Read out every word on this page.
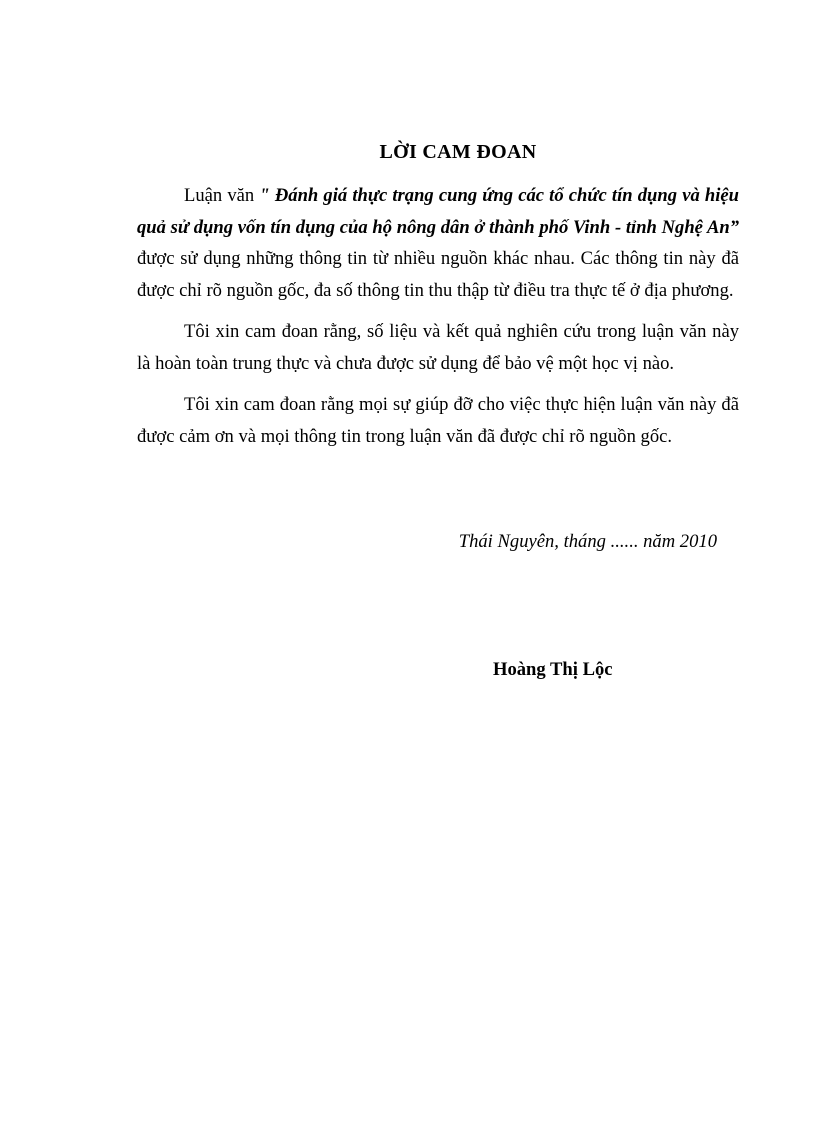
LỜI CAM ĐOAN

Luận văn " Đánh giá thực trạng cung ứng các tổ chức tín dụng và hiệu quả sử dụng vốn tín dụng của hộ nông dân ở thành phố Vinh - tỉnh Nghệ An” được sử dụng những thông tin từ nhiều nguồn khác nhau. Các thông tin này đã được chỉ rõ nguồn gốc, đa số thông tin thu thập từ điều tra thực tế ở địa phương.

Tôi xin cam đoan rằng, số liệu và kết quả nghiên cứu trong luận văn này là hoàn toàn trung thực và chưa được sử dụng để bảo vệ một học vị nào.

Tôi xin cam đoan rằng mọi sự giúp đỡ cho việc thực hiện luận văn này đã được cảm ơn và mọi thông tin trong luận văn đã được chỉ rõ nguồn gốc.

Thái Nguyên, tháng ...... năm 2010
Hoàng Thị Lộc
